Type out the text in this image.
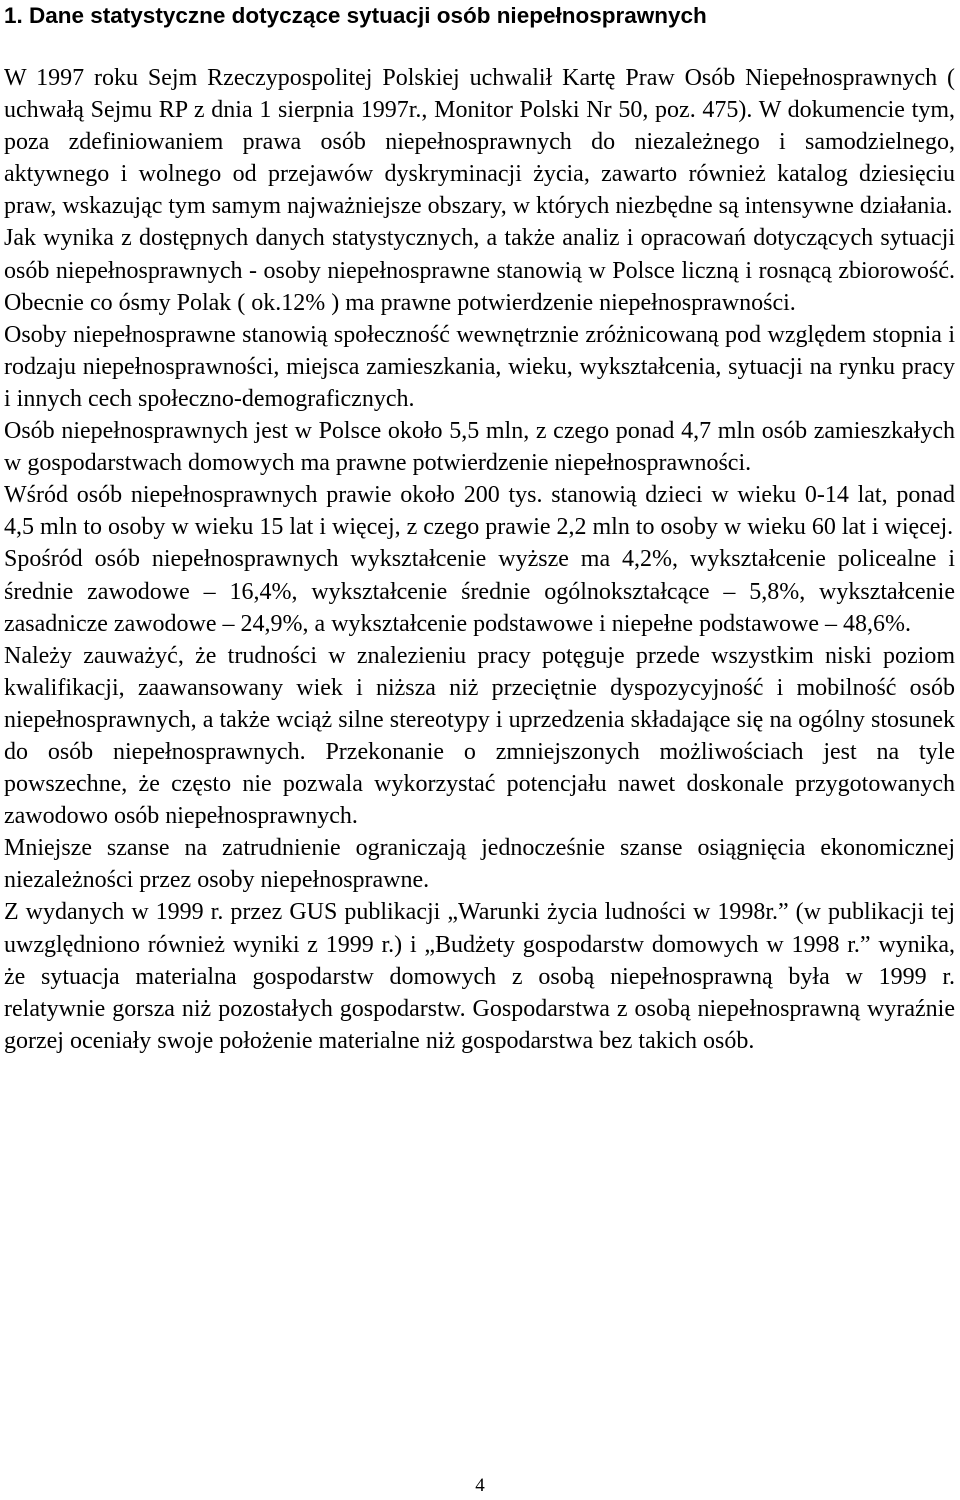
1. Dane statystyczne dotyczące sytuacji osób niepełnosprawnych

W 1997 roku Sejm Rzeczypospolitej Polskiej uchwalił Kartę Praw Osób Niepełnosprawnych ( uchwałą Sejmu RP z dnia 1 sierpnia 1997r., Monitor Polski Nr 50, poz. 475). W dokumencie tym, poza zdefiniowaniem prawa osób niepełnosprawnych do niezależnego i samodzielnego, aktywnego i wolnego od przejawów dyskryminacji życia, zawarto również katalog dziesięciu praw, wskazując tym samym najważniejsze obszary, w których niezbędne są intensywne działania.

Jak wynika z dostępnych danych statystycznych, a także analiz i opracowań dotyczących sytuacji osób niepełnosprawnych - osoby niepełnosprawne stanowią w Polsce liczną i rosnącą zbiorowość. Obecnie co ósmy Polak ( ok.12% ) ma prawne potwierdzenie niepełnosprawności.

Osoby niepełnosprawne stanowią społeczność wewnętrznie zróżnicowaną pod względem stopnia i rodzaju niepełnosprawności, miejsca zamieszkania, wieku, wykształcenia, sytuacji na rynku pracy i innych cech społeczno-demograficznych.

Osób niepełnosprawnych jest w Polsce około 5,5 mln, z czego ponad 4,7 mln osób zamieszkałych w gospodarstwach domowych ma prawne potwierdzenie niepełnosprawności.

Wśród osób niepełnosprawnych prawie około 200 tys. stanowią dzieci w wieku 0-14 lat, ponad 4,5 mln to osoby w wieku 15 lat i więcej, z czego prawie 2,2 mln to osoby w wieku 60 lat i więcej.

Spośród osób niepełnosprawnych wykształcenie wyższe ma 4,2%, wykształcenie policealne i średnie zawodowe – 16,4%, wykształcenie średnie ogólnokształcące – 5,8%, wykształcenie zasadnicze zawodowe – 24,9%, a wykształcenie podstawowe i niepełne podstawowe – 48,6%.

Należy zauważyć, że trudności w znalezieniu pracy potęguje przede wszystkim niski poziom kwalifikacji, zaawansowany wiek i niższa niż przeciętnie dyspozycyjność i mobilność osób niepełnosprawnych, a także wciąż silne stereotypy i uprzedzenia składające się na ogólny stosunek do osób niepełnosprawnych. Przekonanie o zmniejszonych możliwościach jest na tyle powszechne, że często nie pozwala wykorzystać potencjału nawet doskonale przygotowanych zawodowo osób niepełnosprawnych.

Mniejsze szanse na zatrudnienie ograniczają jednocześnie szanse osiągnięcia ekonomicznej niezależności przez osoby niepełnosprawne.

Z wydanych w 1999 r. przez GUS publikacji „Warunki życia ludności w 1998r.” (w publikacji tej uwzględniono również wyniki z 1999 r.) i „Budżety gospodarstw domowych w 1998 r.” wynika, że sytuacja materialna gospodarstw domowych z osobą niepełnosprawną była w 1999 r. relatywnie gorsza niż pozostałych gospodarstw. Gospodarstwa z osobą niepełnosprawną wyraźnie gorzej oceniały swoje położenie materialne niż gospodarstwa bez takich osób.

4
